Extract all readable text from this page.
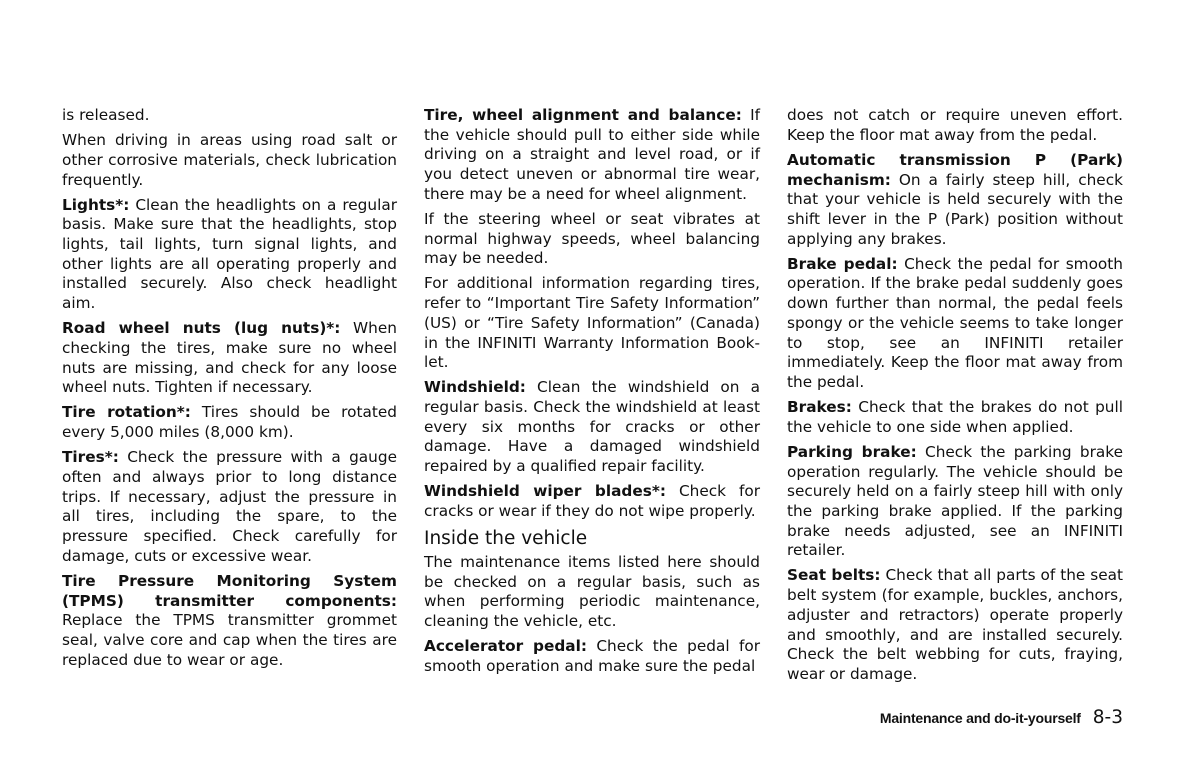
is released.

When driving in areas using road salt or other corrosive materials, check lubrication frequently.

Lights*: Clean the headlights on a regular basis. Make sure that the headlights, stop lights, tail lights, turn signal lights, and other lights are all operating properly and installed securely. Also check headlight aim.

Road wheel nuts (lug nuts)*: When checking the tires, make sure no wheel nuts are missing, and check for any loose wheel nuts. Tighten if necessary.

Tire rotation*: Tires should be rotated every 5,000 miles (8,000 km).

Tires*: Check the pressure with a gauge often and always prior to long distance trips. If necessary, adjust the pressure in all tires, including the spare, to the pressure specified. Check carefully for damage, cuts or excessive wear.

Tire Pressure Monitoring System (TPMS) transmitter components: Replace the TPMS transmitter grommet seal, valve core and cap when the tires are replaced due to wear or age.

Tire, wheel alignment and balance: If the vehicle should pull to either side while driving on a straight and level road, or if you detect uneven or abnormal tire wear, there may be a need for wheel alignment.

If the steering wheel or seat vibrates at normal highway speeds, wheel balancing may be needed.

For additional information regarding tires, refer to “Important Tire Safety Information” (US) or “Tire Safety Information” (Canada) in the INFINITI Warranty Information Booklet.

Windshield: Clean the windshield on a regular basis. Check the windshield at least every six months for cracks or other damage. Have a damaged windshield repaired by a qualified repair facility.

Windshield wiper blades*: Check for cracks or wear if they do not wipe properly.

Inside the vehicle

The maintenance items listed here should be checked on a regular basis, such as when performing periodic maintenance, cleaning the vehicle, etc.

Accelerator pedal: Check the pedal for smooth operation and make sure the pedal

does not catch or require uneven effort. Keep the floor mat away from the pedal.

Automatic transmission P (Park) mechanism: On a fairly steep hill, check that your vehicle is held securely with the shift lever in the P (Park) position without applying any brakes.

Brake pedal: Check the pedal for smooth operation. If the brake pedal suddenly goes down further than normal, the pedal feels spongy or the vehicle seems to take longer to stop, see an INFINITI retailer immediately. Keep the floor mat away from the pedal.

Brakes: Check that the brakes do not pull the vehicle to one side when applied.

Parking brake: Check the parking brake operation regularly. The vehicle should be securely held on a fairly steep hill with only the parking brake applied. If the parking brake needs adjusted, see an INFINITI retailer.

Seat belts: Check that all parts of the seat belt system (for example, buckles, anchors, adjuster and retractors) operate properly and smoothly, and are installed securely. Check the belt webbing for cuts, fraying, wear or damage.

Maintenance and do-it-yourself 8-3
